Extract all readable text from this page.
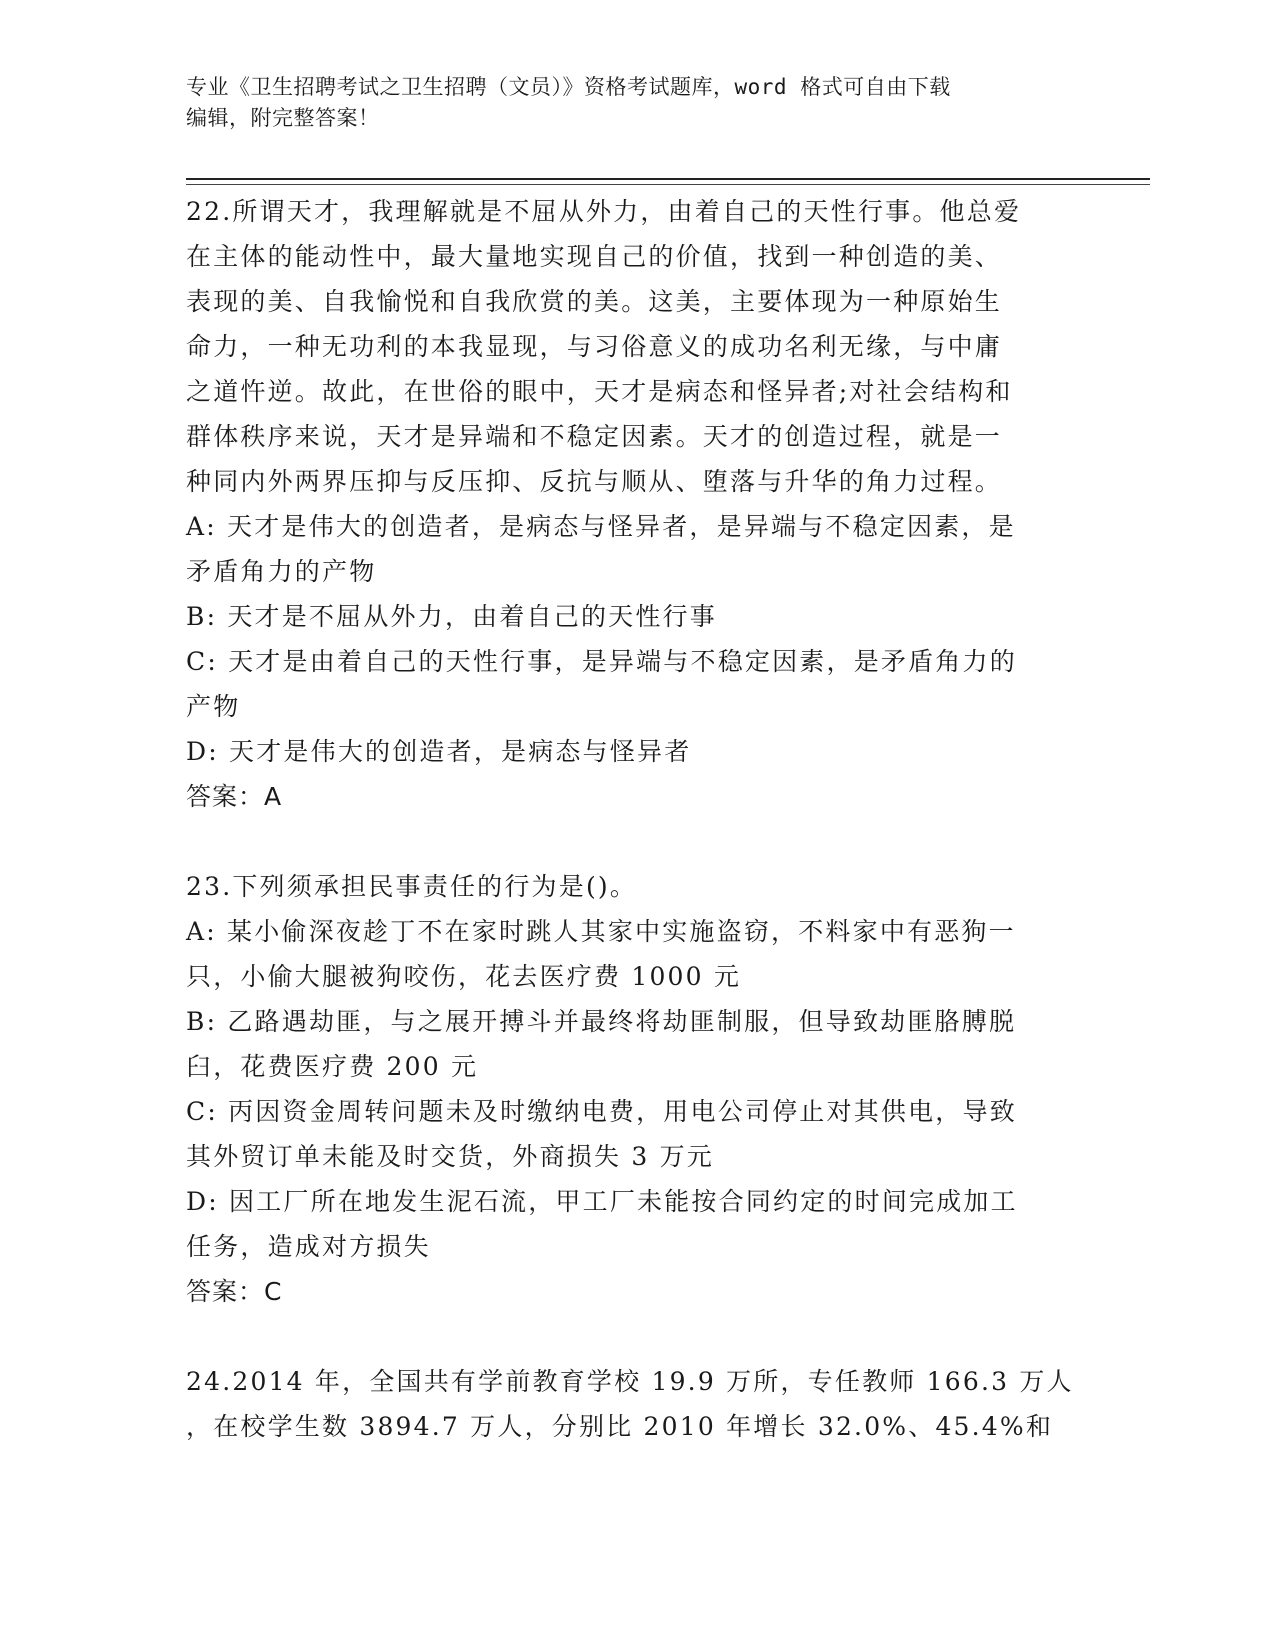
专业《卫生招聘考试之卫生招聘（文员）》资格考试题库，word 格式可自由下载

编辑，附完整答案！

22.所谓天才，我理解就是不屈从外力，由着自己的天性行事。他总爱

在主体的能动性中，最大量地实现自己的价值，找到一种创造的美、

表现的美、自我愉悦和自我欣赏的美。这美，主要体现为一种原始生

命力，一种无功利的本我显现，与习俗意义的成功名利无缘，与中庸

之道忤逆。故此，在世俗的眼中，天才是病态和怪异者;对社会结构和

群体秩序来说，天才是异端和不稳定因素。天才的创造过程，就是一

种同内外两界压抑与反压抑、反抗与顺从、堕落与升华的角力过程。

A: 天才是伟大的创造者，是病态与怪异者，是异端与不稳定因素，是

矛盾角力的产物

B: 天才是不屈从外力，由着自己的天性行事

C: 天才是由着自己的天性行事，是异端与不稳定因素，是矛盾角力的

产物

D: 天才是伟大的创造者，是病态与怪异者

答案：A

23.下列须承担民事责任的行为是()。

A: 某小偷深夜趁丁不在家时跳人其家中实施盗窃，不料家中有恶狗一

只，小偷大腿被狗咬伤，花去医疗费 1000 元

B: 乙路遇劫匪，与之展开搏斗并最终将劫匪制服，但导致劫匪胳膊脱

臼，花费医疗费 200 元

C: 丙因资金周转问题未及时缴纳电费，用电公司停止对其供电，导致

其外贸订单未能及时交货，外商损失 3 万元

D: 因工厂所在地发生泥石流，甲工厂未能按合同约定的时间完成加工

任务，造成对方损失

答案：C

24.2014 年，全国共有学前教育学校 19.9 万所，专任教师 166.3 万人

，在校学生数 3894.7 万人，分别比 2010 年增长 32.0%、45.4%和
